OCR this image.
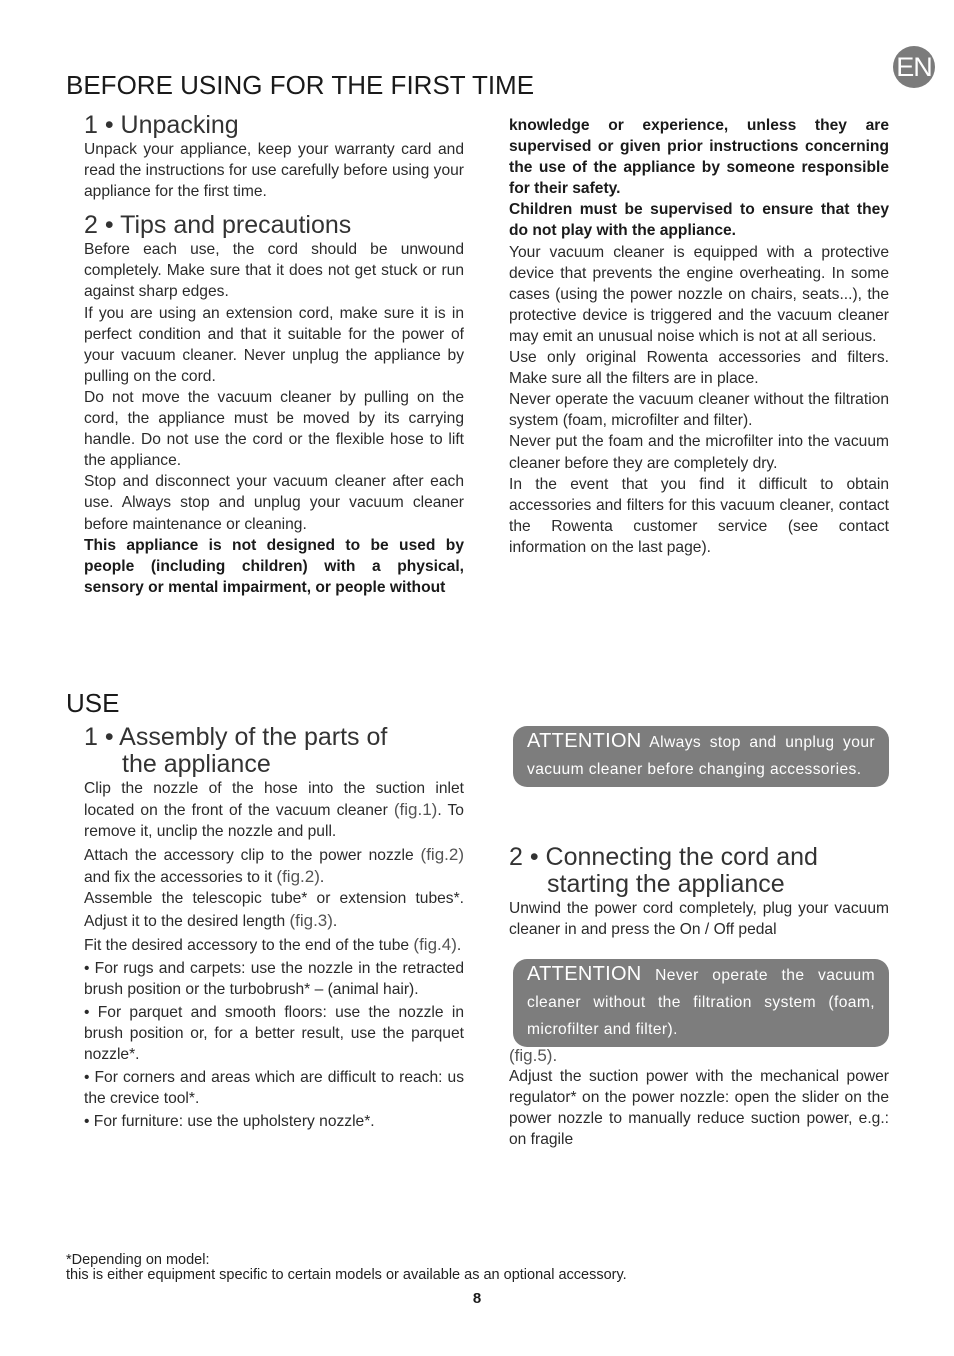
EN
BEFORE USING FOR THE FIRST TIME
1 • Unpacking

Unpack your appliance, keep your warranty card and read the instructions for use carefully before using your appliance for the first time.

2 • Tips and precautions

Before each use, the cord should be unwound completely. Make sure that it does not get stuck or run against sharp edges.

If you are using an extension cord, make sure it is in perfect condition and that it suitable for the power of your vacuum cleaner. Never unplug the appliance by pulling on the cord.

Do not move the vacuum cleaner by pulling on the cord, the appliance must be moved by its carrying handle. Do not use the cord or the flexible hose to lift the appliance.

Stop and disconnect your vacuum cleaner after each use. Always stop and unplug your vacuum cleaner before maintenance or cleaning.

This appliance is not designed to be used by people (including children) with a physical, sensory or mental impairment, or people without

knowledge or experience, unless they are supervised or given prior instructions concerning the use of the appliance by someone responsible for their safety.

Children must be supervised to ensure that they do not play with the appliance.

Your vacuum cleaner is equipped with a protective device that prevents the engine overheating. In some cases (using the power nozzle on chairs, seats...), the protective device is triggered and the vacuum cleaner may emit an unusual noise which is not at all serious.

Use only original Rowenta accessories and filters. Make sure all the filters are in place.

Never operate the vacuum cleaner without the filtration system (foam, microfilter and filter).

Never put the foam and the microfilter into the vacuum cleaner before they are completely dry.

In the event that you find it difficult to obtain accessories and filters for this vacuum cleaner, contact the Rowenta customer service (see contact information on the last page).

USE
1 • Assembly of the parts of
the appliance

Clip the nozzle of the hose into the suction inlet located on the front of the vacuum cleaner (fig.1). To remove it, unclip the nozzle and pull.

Attach the accessory clip to the power nozzle (fig.2) and fix the accessories to it (fig.2).

Assemble the telescopic tube* or extension tubes*. Adjust it to the desired length (fig.3).

Fit the desired accessory to the end of the tube (fig.4).

• For rugs and carpets: use the nozzle in the retracted brush position or the turbobrush* – (animal hair).

• For parquet and smooth floors: use the nozzle in brush position or, for a better result, use the parquet nozzle*.

• For corners and areas which are difficult to reach: us the crevice tool*.

• For furniture: use the upholstery nozzle*.

ATTENTION Always stop and unplug your vacuum cleaner before changing accessories.
2 • Connecting the cord and
starting the appliance

Unwind the power cord completely, plug your vacuum cleaner in and press the On / Off pedal

ATTENTION Never operate the vacuum cleaner without the filtration system (foam, microfilter and filter).

(fig.5).

Adjust the suction power with the mechanical power regulator* on the power nozzle: open the slider on the power nozzle to manually reduce suction power, e.g.: on fragile

*Depending on model:
this is either equipment specific to certain models or available as an optional accessory.
8
